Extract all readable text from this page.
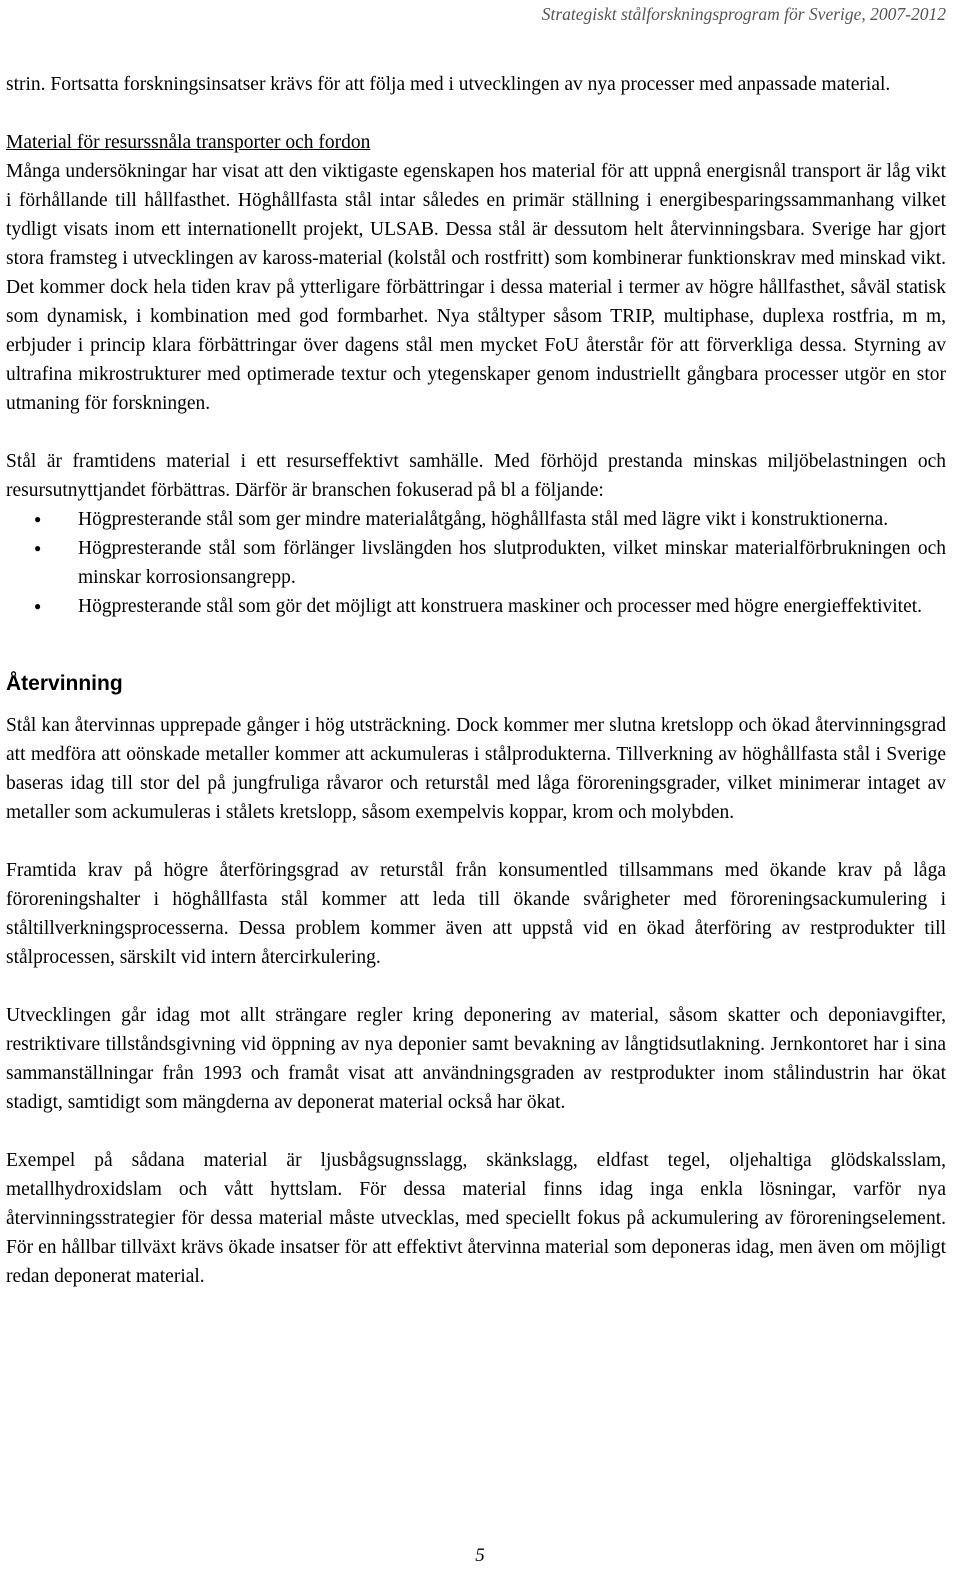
Strategiskt stålforskningsprogram för Sverige, 2007-2012

strin. Fortsatta forskningsinsatser krävs för att följa med i utvecklingen av nya processer med anpassade material.

Material för resurssnåla transporter och fordon

Många undersökningar har visat att den viktigaste egenskapen hos material för att uppnå energisnål transport är låg vikt i förhållande till hållfasthet. Höghållfasta stål intar således en primär ställning i energibesparingssammanhang vilket tydligt visats inom ett internationellt projekt, ULSAB. Dessa stål är dessutom helt återvinningsbara. Sverige har gjort stora framsteg i utvecklingen av kaross-material (kolstål och rostfritt) som kombinerar funktionskrav med minskad vikt. Det kommer dock hela tiden krav på ytterligare förbättringar i dessa material i termer av högre hållfasthet, såväl statisk som dynamisk, i kombination med god formbarhet. Nya ståltyper såsom TRIP, multiphase, duplexa rostfria, m m, erbjuder i princip klara förbättringar över dagens stål men mycket FoU återstår för att förverkliga dessa. Styrning av ultrafina mikrostrukturer med optimerade textur och ytegenskaper genom industriellt gångbara processer utgör en stor utmaning för forskningen.

Stål är framtidens material i ett resurseffektivt samhälle. Med förhöjd prestanda minskas miljöbelastningen och resursutnyttjandet förbättras. Därför är branschen fokuserad på bl a följande:

● Högpresterande stål som ger mindre materialåtgång, höghållfasta stål med lägre vikt i konstruktionerna.
● Högpresterande stål som förlänger livslängden hos slutprodukten, vilket minskar materialförbrukningen och minskar korrosionsangrepp.
● Högpresterande stål som gör det möjligt att konstruera maskiner och processer med högre energieffektivitet.
Återvinning

Stål kan återvinnas upprepade gånger i hög utsträckning. Dock kommer mer slutna kretslopp och ökad återvinningsgrad att medföra att oönskade metaller kommer att ackumuleras i stålprodukterna. Tillverkning av höghållfasta stål i Sverige baseras idag till stor del på jungfruliga råvaror och returstål med låga föroreningsgrader, vilket minimerar intaget av metaller som ackumuleras i stålets kretslopp, såsom exempelvis koppar, krom och molybden.

Framtida krav på högre återföringsgrad av returstål från konsumentled tillsammans med ökande krav på låga föroreningshalter i höghållfasta stål kommer att leda till ökande svårigheter med föroreningsackumulering i ståltillverkningsprocesserna. Dessa problem kommer även att uppstå vid en ökad återföring av restprodukter till stålprocessen, särskilt vid intern återcirkulering.

Utvecklingen går idag mot allt strängare regler kring deponering av material, såsom skatter och deponiavgifter, restriktivare tillståndsgivning vid öppning av nya deponier samt bevakning av långtidsutlakning. Jernkontoret har i sina sammanställningar från 1993 och framåt visat att användningsgraden av restprodukter inom stålindustrin har ökat stadigt, samtidigt som mängderna av deponerat material också har ökat.

Exempel på sådana material är ljusbågsugnsslagg, skänkslagg, eldfast tegel, oljehaltiga glödskalsslam, metallhydroxidslam och vått hyttslam. För dessa material finns idag inga enkla lösningar, varför nya återvinningsstrategier för dessa material måste utvecklas, med speciellt fokus på ackumulering av föroreningselement. För en hållbar tillväxt krävs ökade insatser för att effektivt återvinna material som deponeras idag, men även om möjligt redan deponerat material.

5
